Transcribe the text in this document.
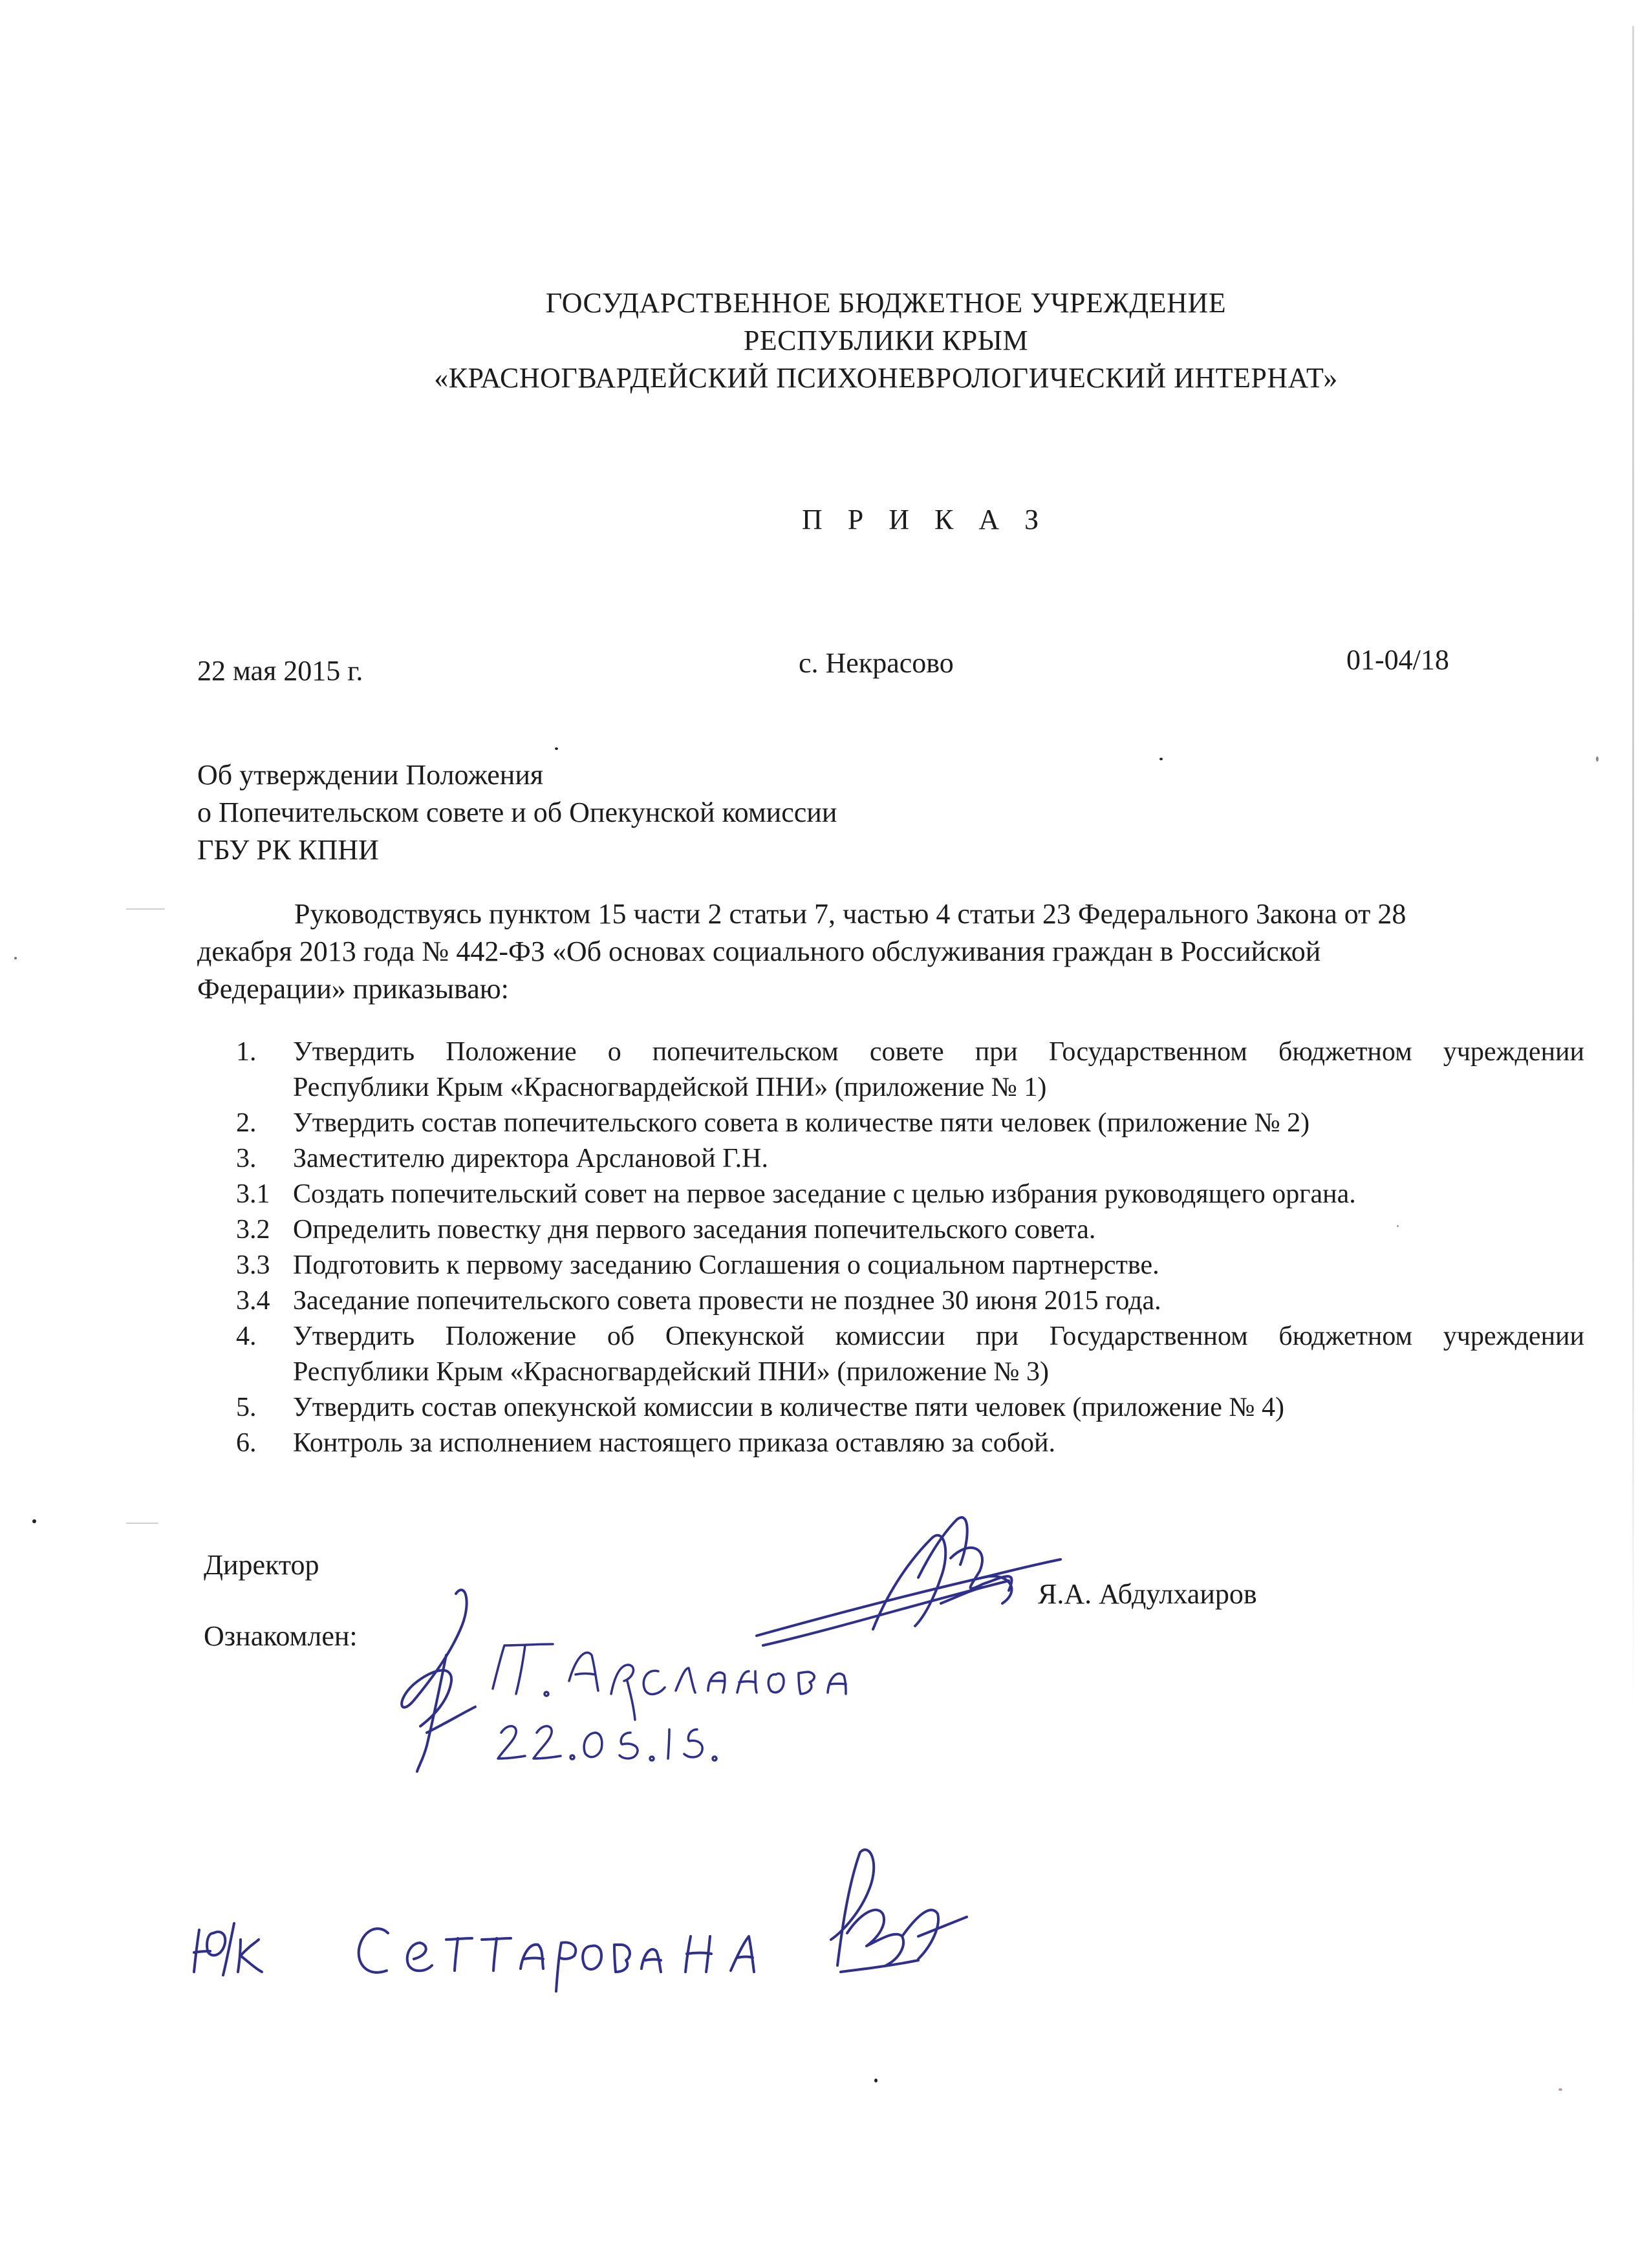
ГОСУДАРСТВЕННОЕ БЮДЖЕТНОЕ УЧРЕЖДЕНИЕ
РЕСПУБЛИКИ КРЫМ
«КРАСНОГВАРДЕЙСКИЙ ПСИХОНЕВРОЛОГИЧЕСКИЙ ИНТЕРНАТ»
П Р И К А З
22 мая 2015 г.	с. Некрасово	01-04/18
Об утверждении Положения
о Попечительском совете и об Опекунской комиссии
ГБУ РК КПНИ
Руководствуясь пунктом 15 части 2 статьи 7, частью 4 статьи 23 Федерального Закона от 28
декабря 2013 года № 442-ФЗ «Об основах социального обслуживания граждан в Российской
Федерации» приказываю:
1.	Утвердить Положение о попечительском совете при Государственном бюджетном учреждении
Республики Крым «Красногвардейской ПНИ» (приложение № 1)
2.	Утвердить состав попечительского совета в количестве пяти человек (приложение № 2)
3.	Заместителю директора Арслановой Г.Н.
3.1 Создать попечительский совет на первое заседание с целью избрания руководящего органа.
3.2 Определить повестку дня первого заседания попечительского совета.
3.3 Подготовить к первому заседанию Соглашения о социальном партнерстве.
3.4 Заседание попечительского совета провести не позднее 30 июня 2015 года.
4.	Утвердить Положение об Опекунской комиссии при Государственном бюджетном учреждении
Республики Крым «Красногвардейский ПНИ» (приложение № 3)
5.	Утвердить состав опекунской комиссии в количестве пяти человек (приложение № 4)
6.	Контроль за исполнением настоящего приказа оставляю за собой.
Директор
Я.А. Абдулхаиров
Ознакомлен:
